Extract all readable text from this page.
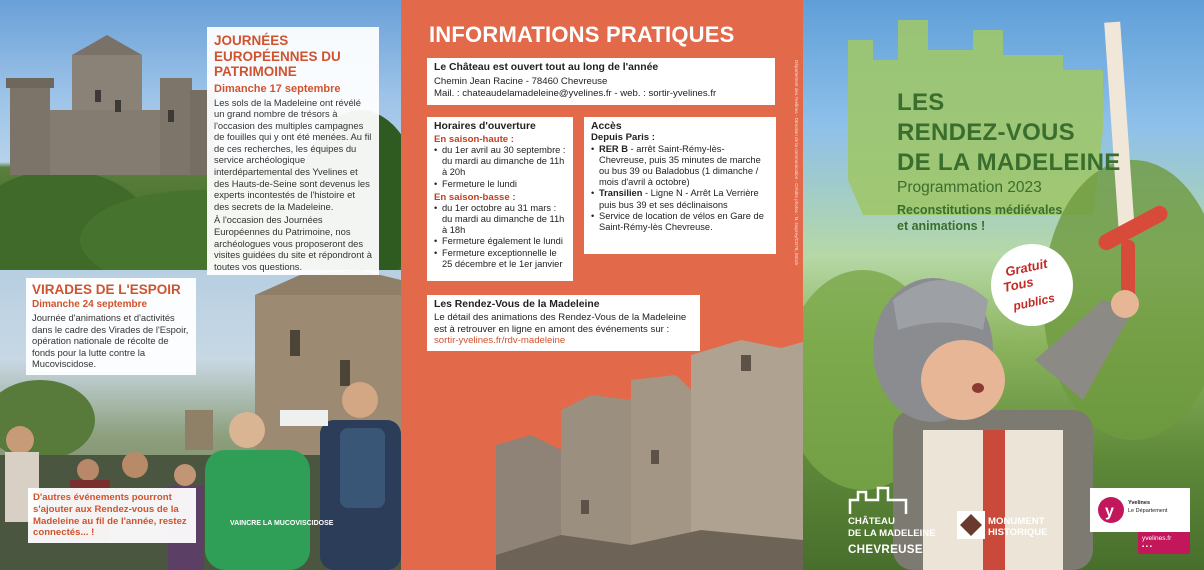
VAINCRE LA MUCOVISCIDOSE
JOURNÉES EUROPÉENNES DU PATRIMOINE
Dimanche 17 septembre

Les sols de la Madeleine ont révélé un grand nombre de trésors à l'occasion des multiples campagnes de fouilles qui y ont été menées. Au fil de ces recherches, les équipes du service archéologique interdépartemental des Yvelines et des Hauts-de-Seine sont devenus les experts incontestés de l'histoire et des secrets de la Madeleine.

À l'occasion des Journées Européennes du Patrimoine, nos archéologues vous proposeront des visites guidées du site et répondront à toutes vos questions.

VIRADES DE L'ESPOIR
Dimanche 24 septembre

Journée d'animations et d'activités dans le cadre des Virades de l'Espoir, opération nationale de récolte de fonds pour la lutte contre la Mucoviscidose.

D'autres événements pourront s'ajouter aux Rendez-vous de la Madeleine au fil de l'année, restez connectés... !

INFORMATIONS PRATIQUES
Le Château est ouvert tout au long de l'année
Chemin Jean Racine - 78460 Chevreuse
Mail. : chateaudelamadeleine@yvelines.fr - web. : sortir-yvelines.fr
Horaires d'ouverture
En saison-haute :
• du 1er avril au 30 septembre : du mardi au dimanche de 11h à 20h
• Fermeture le lundi
En saison-basse :
• du 1er octobre au 31 mars : du mardi au dimanche de 11h à 18h
• Fermeture également le lundi
• Fermeture exceptionnelle le 25 décembre et le 1er janvier
Accès
Depuis Paris :
• RER B - arrêt Saint-Rémy-lès-Chevreuse, puis 35 minutes de marche ou bus 39 ou Baladobus (1 dimanche / mois d'avril à octobre)
• Transilien - Ligne N - Arrêt La Verrière puis bus 39 et ses déclinaisons
• Service de location de vélos en Gare de Saint-Rémy-lès Chevreuse.
Les Rendez-Vous de la Madeleine
Le détail des animations des Rendez-Vous de la Madeleine est à retrouver en ligne en amont des événements sur :
sortir-yvelines.fr/rdv-madeleine
Département des Yvelines - Direction de la communication - Crédits photos : N. Duprey/CD78, iStock	LES
RENDEZ-VOUS
DE LA MADELEINE
Programmation 2023
Reconstitutions médiévales
et animations !
Gratuit
Tous
publics
CHÂTEAU
DE LA MADELEINE
CHEVREUSE
MONUMENT
HISTORIQUE
y	Yvelines
Le Département
yvelines.fr
▪ ▪ ▪
